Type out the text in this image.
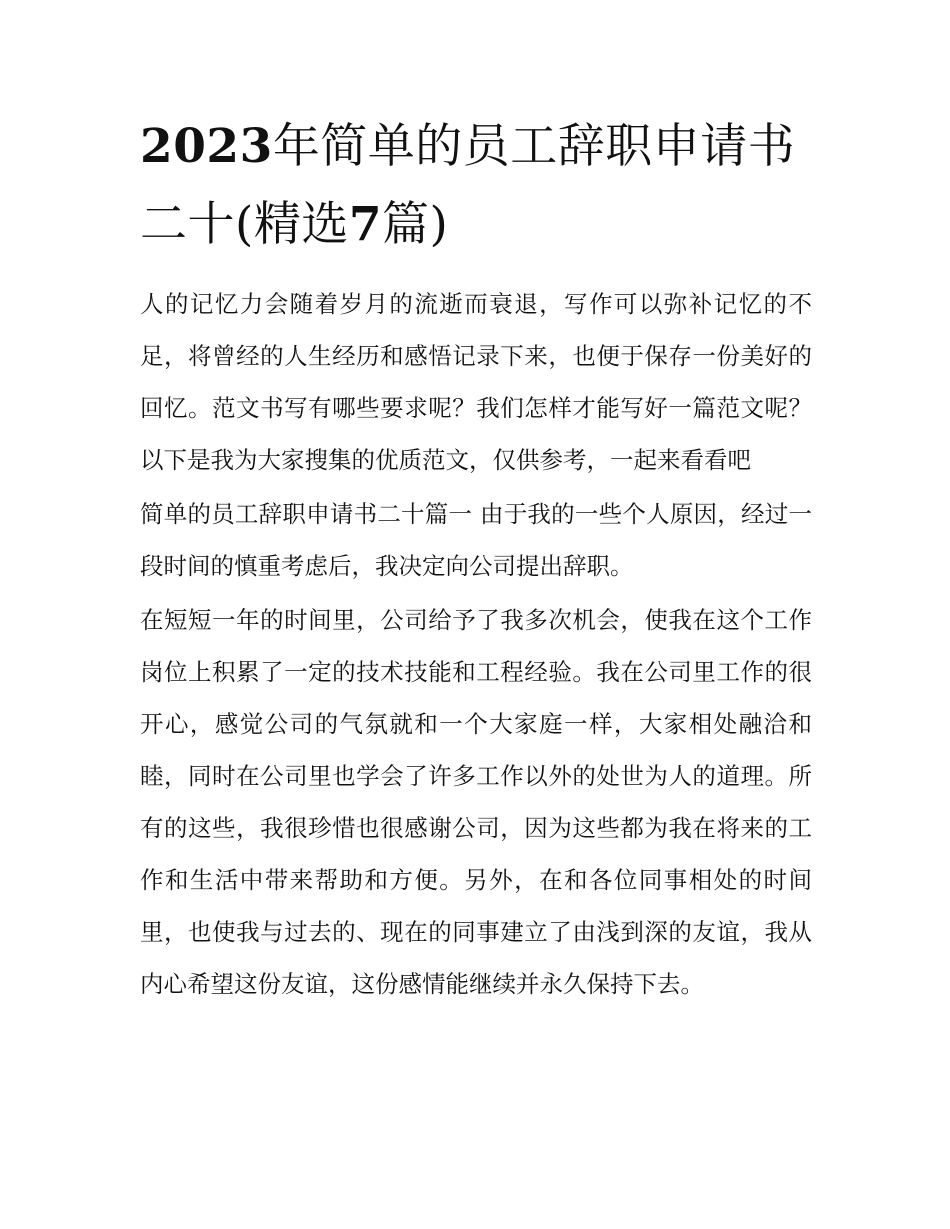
2023年简单的员工辞职申请书二十(精选7篇)

人的记忆力会随着岁月的流逝而衰退，写作可以弥补记忆的不足，将曾经的人生经历和感悟记录下来，也便于保存一份美好的回忆。范文书写有哪些要求呢？我们怎样才能写好一篇范文呢？以下是我为大家搜集的优质范文，仅供参考，一起来看看吧

简单的员工辞职申请书二十篇一 由于我的一些个人原因，经过一段时间的慎重考虑后，我决定向公司提出辞职。

在短短一年的时间里，公司给予了我多次机会，使我在这个工作岗位上积累了一定的技术技能和工程经验。我在公司里工作的很开心，感觉公司的气氛就和一个大家庭一样，大家相处融洽和睦，同时在公司里也学会了许多工作以外的处世为人的道理。所有的这些，我很珍惜也很感谢公司，因为这些都为我在将来的工作和生活中带来帮助和方便。另外，在和各位同事相处的时间里，也使我与过去的、现在的同事建立了由浅到深的友谊，我从内心希望这份友谊，这份感情能继续并永久保持下去。
